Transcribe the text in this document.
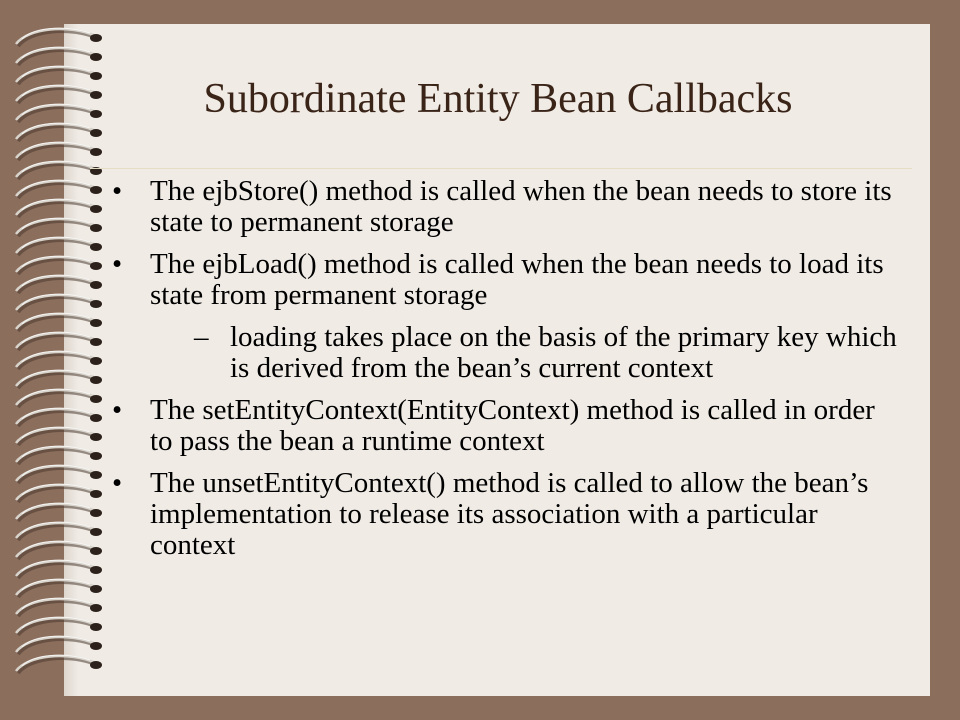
Subordinate Entity Bean Callbacks
• The ejbStore() method is called when the bean needs to store its state to permanent storage
• The ejbLoad() method is called when the bean needs to load its state from permanent storage
– loading takes place on the basis of the primary key which is derived from the bean’s current context
• The setEntityContext(EntityContext) method is called in order to pass the bean a runtime context
• The unsetEntityContext() method is called to allow the bean’s implementation to release its association with a particular context
